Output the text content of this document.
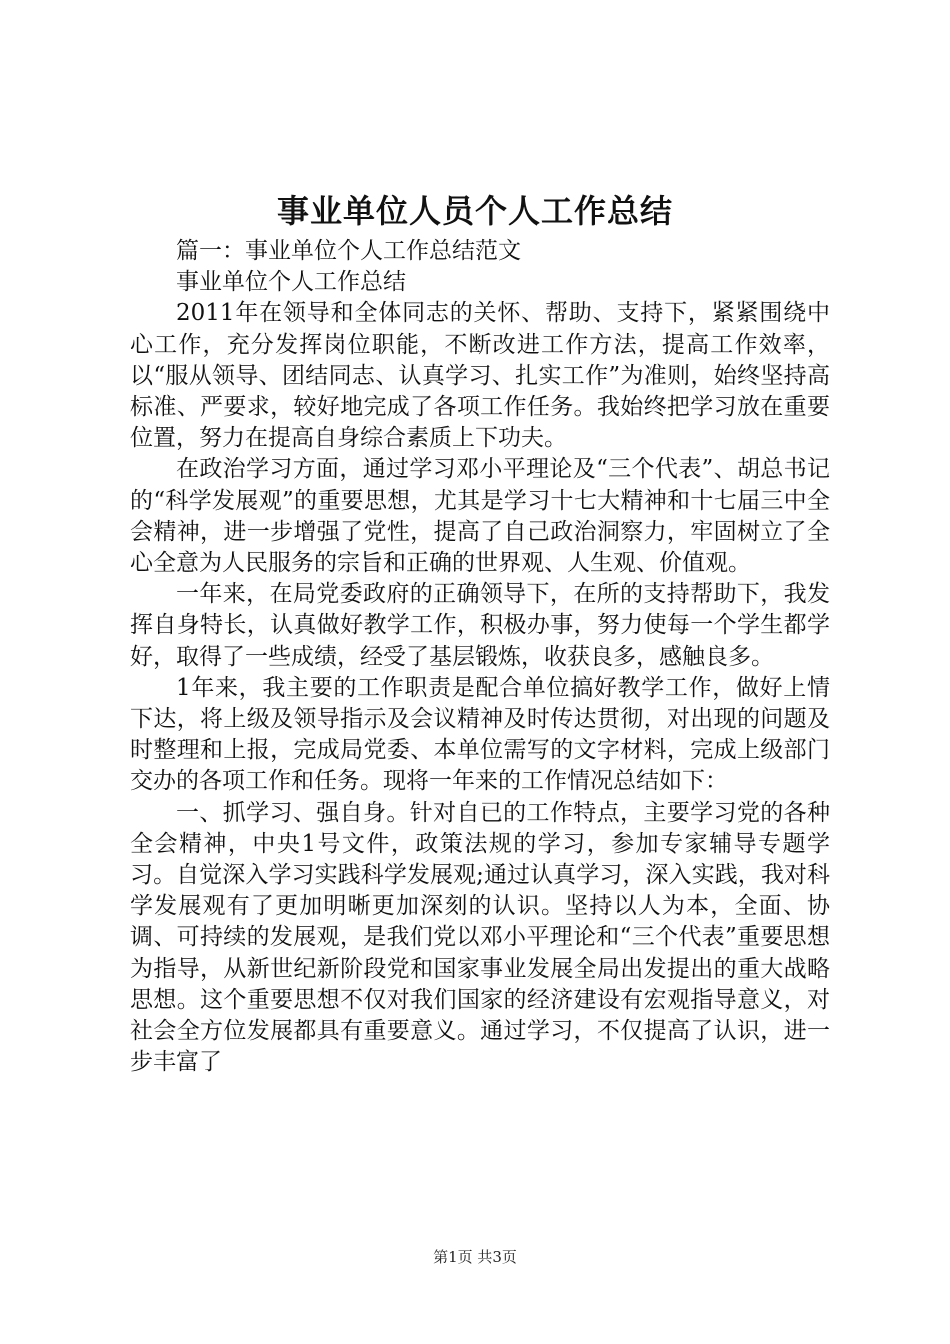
事业单位人员个人工作总结

篇一：事业单位个人工作总结范文

事业单位个人工作总结

2011年在领导和全体同志的关怀、帮助、支持下，紧紧围绕中心工作，充分发挥岗位职能，不断改进工作方法，提高工作效率，以“服从领导、团结同志、认真学习、扎实工作”为准则，始终坚持高标准、严要求，较好地完成了各项工作任务。我始终把学习放在重要位置，努力在提高自身综合素质上下功夫。

在政治学习方面，通过学习邓小平理论及“三个代表”、胡总书记的“科学发展观”的重要思想，尤其是学习十七大精神和十七届三中全会精神，进一步增强了党性，提高了自己政治洞察力，牢固树立了全心全意为人民服务的宗旨和正确的世界观、人生观、价值观。

一年来，在局党委政府的正确领导下，在所的支持帮助下，我发挥自身特长，认真做好教学工作，积极办事，努力使每一个学生都学好，取得了一些成绩，经受了基层锻炼，收获良多，感触良多。

1年来，我主要的工作职责是配合单位搞好教学工作，做好上情下达，将上级及领导指示及会议精神及时传达贯彻，对出现的问题及时整理和上报，完成局党委、本单位需写的文字材料，完成上级部门交办的各项工作和任务。现将一年来的工作情况总结如下：

一、抓学习、强自身。针对自已的工作特点，主要学习党的各种全会精神，中央1号文件，政策法规的学习，参加专家辅导专题学习。自觉深入学习实践科学发展观;通过认真学习，深入实践，我对科学发展观有了更加明晰更加深刻的认识。坚持以人为本，全面、协调、可持续的发展观，是我们党以邓小平理论和“三个代表”重要思想为指导，从新世纪新阶段党和国家事业发展全局出发提出的重大战略思想。这个重要思想不仅对我们国家的经济建设有宏观指导意义，对社会全方位发展都具有重要意义。通过学习，不仅提高了认识，进一步丰富了

第1页 共3页
